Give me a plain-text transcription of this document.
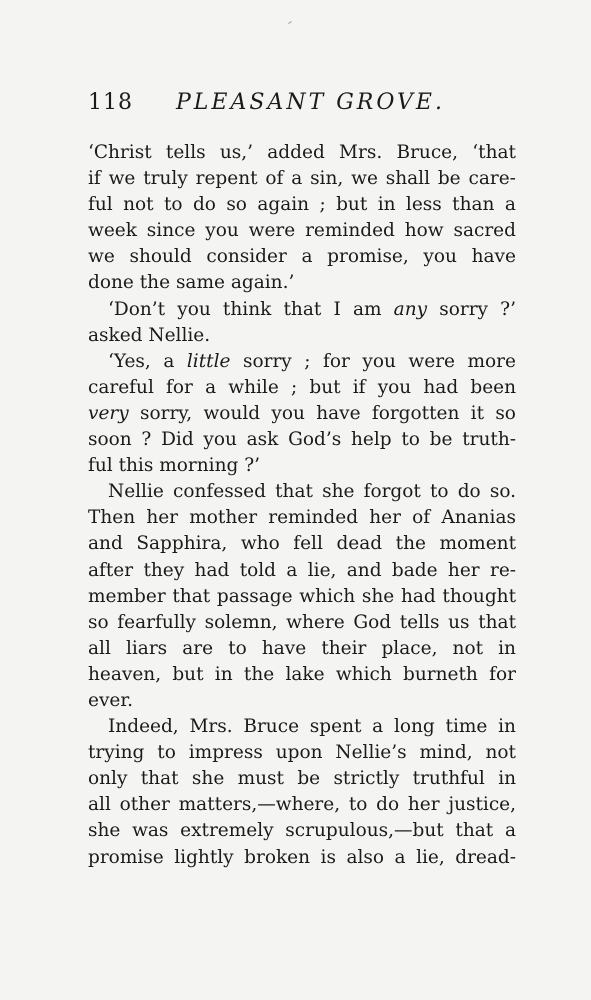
118 PLEASANT GROVE.
‘Christ tells us,’ added Mrs. Bruce, ‘that
if we truly repent of a sin, we shall be care-
ful not to do so again ; but in less than a
week since you were reminded how sacred
we should consider a promise, you have
done the same again.’
‘Don’t you think that I am any sorry ?’
asked Nellie.
‘Yes, a little sorry ; for you were more
careful for a while ; but if you had been
very sorry, would you have forgotten it so
soon ? Did you ask God’s help to be truth-
ful this morning ?’
Nellie confessed that she forgot to do so.
Then her mother reminded her of Ananias
and Sapphira, who fell dead the moment
after they had told a lie, and bade her re-
member that passage which she had thought
so fearfully solemn, where God tells us that
all liars are to have their place, not in
heaven, but in the lake which burneth for
ever.
Indeed, Mrs. Bruce spent a long time in
trying to impress upon Nellie’s mind, not
only that she must be strictly truthful in
all other matters,—where, to do her justice,
she was extremely scrupulous,—but that a
promise lightly broken is also a lie, dread-
